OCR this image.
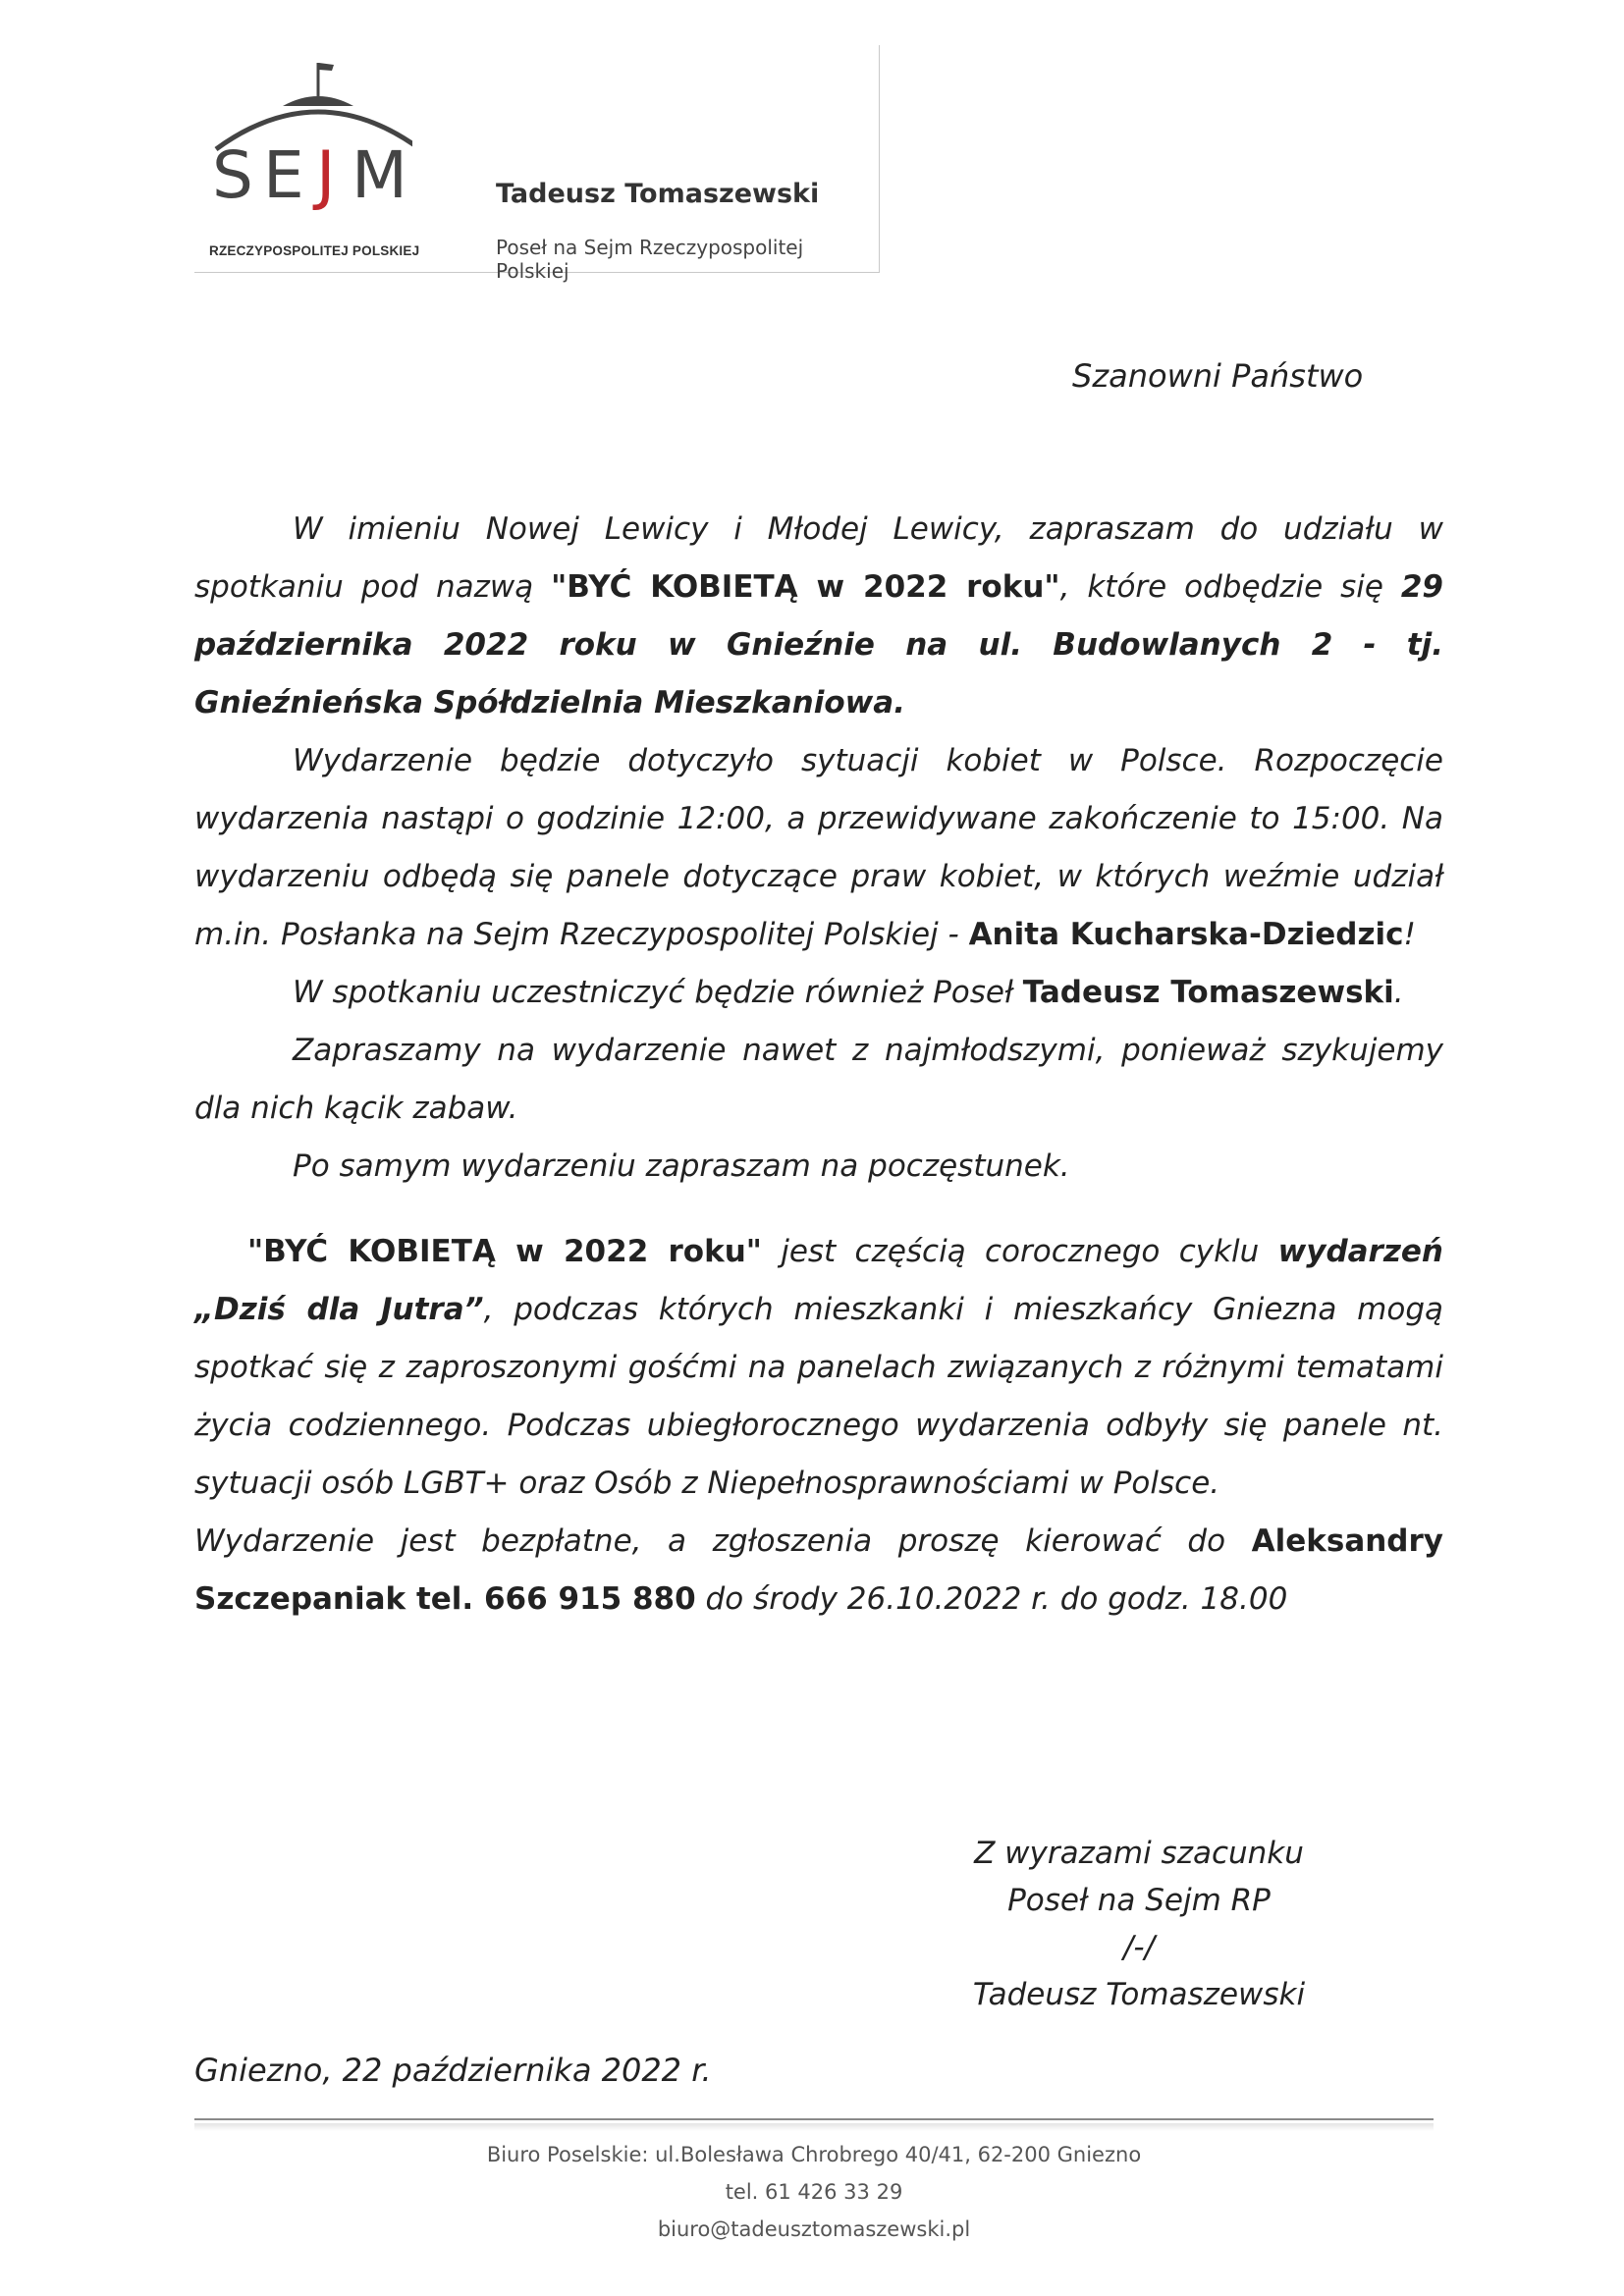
S E J M
RZECZYPOSPOLITEJ POLSKIEJ
Tadeusz Tomaszewski
Poseł na Sejm Rzeczypospolitej Polskiej
Szanowni Państwo

W imieniu Nowej Lewicy i Młodej Lewicy, zapraszam do udziału w spotkaniu pod nazwą "BYĆ KOBIETĄ w 2022 roku", które odbędzie się 29 października 2022 roku w Gnieźnie na ul. Budowlanych 2 - tj. Gnieźnieńska Spółdzielnia Mieszkaniowa.

Wydarzenie będzie dotyczyło sytuacji kobiet w Polsce. Rozpoczęcie wydarzenia nastąpi o godzinie 12:00, a przewidywane zakończenie to 15:00. Na wydarzeniu odbędą się panele dotyczące praw kobiet, w których weźmie udział m.in. Posłanka na Sejm Rzeczypospolitej Polskiej - Anita Kucharska-Dziedzic!

W spotkaniu uczestniczyć będzie również Poseł Tadeusz Tomaszewski.

Zapraszamy na wydarzenie nawet z najmłodszymi, ponieważ szykujemy dla nich kącik zabaw.

Po samym wydarzeniu zapraszam na poczęstunek.

"BYĆ KOBIETĄ w 2022 roku" jest częścią corocznego cyklu wydarzeń „Dziś dla Jutra”, podczas których mieszkanki i mieszkańcy Gniezna mogą spotkać się z zaproszonymi gośćmi na panelach związanych z różnymi tematami życia codziennego. Podczas ubiegłorocznego wydarzenia odbyły się panele nt. sytuacji osób LGBT+ oraz Osób z Niepełnosprawnościami w Polsce.

Wydarzenie jest bezpłatne, a zgłoszenia proszę kierować do Aleksandry Szczepaniak tel. 666 915 880 do środy 26.10.2022 r. do godz. 18.00

Z wyrazami szacunku
Poseł na Sejm RP
/-/
Tadeusz Tomaszewski
Gniezno, 22 października 2022 r.
Biuro Poselskie: ul.Bolesława Chrobrego 40/41, 62-200 Gniezno
tel. 61 426 33 29
biuro@tadeusztomaszewski.pl
